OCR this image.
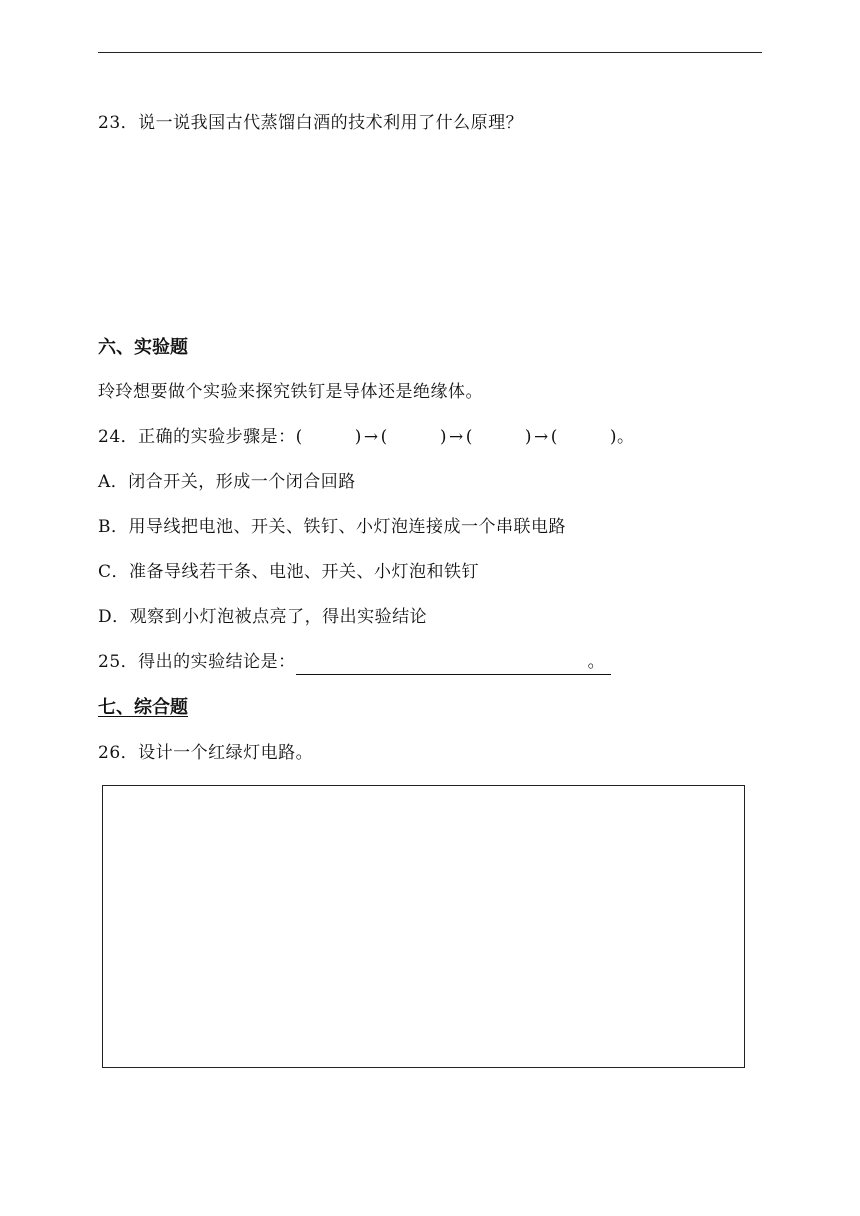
23．说一说我国古代蒸馏白酒的技术利用了什么原理？
六、实验题
玲玲想要做个实验来探究铁钉是导体还是绝缘体。
24．正确的实验步骤是：(	) → (	) → (	) → (	)。
A．闭合开关，形成一个闭合回路
B．用导线把电池、开关、铁钉、小灯泡连接成一个串联电路
C．准备导线若干条、电池、开关、小灯泡和铁钉
D．观察到小灯泡被点亮了，得出实验结论
25．得出的实验结论是：	。
七、综合题
26．设计一个红绿灯电路。
